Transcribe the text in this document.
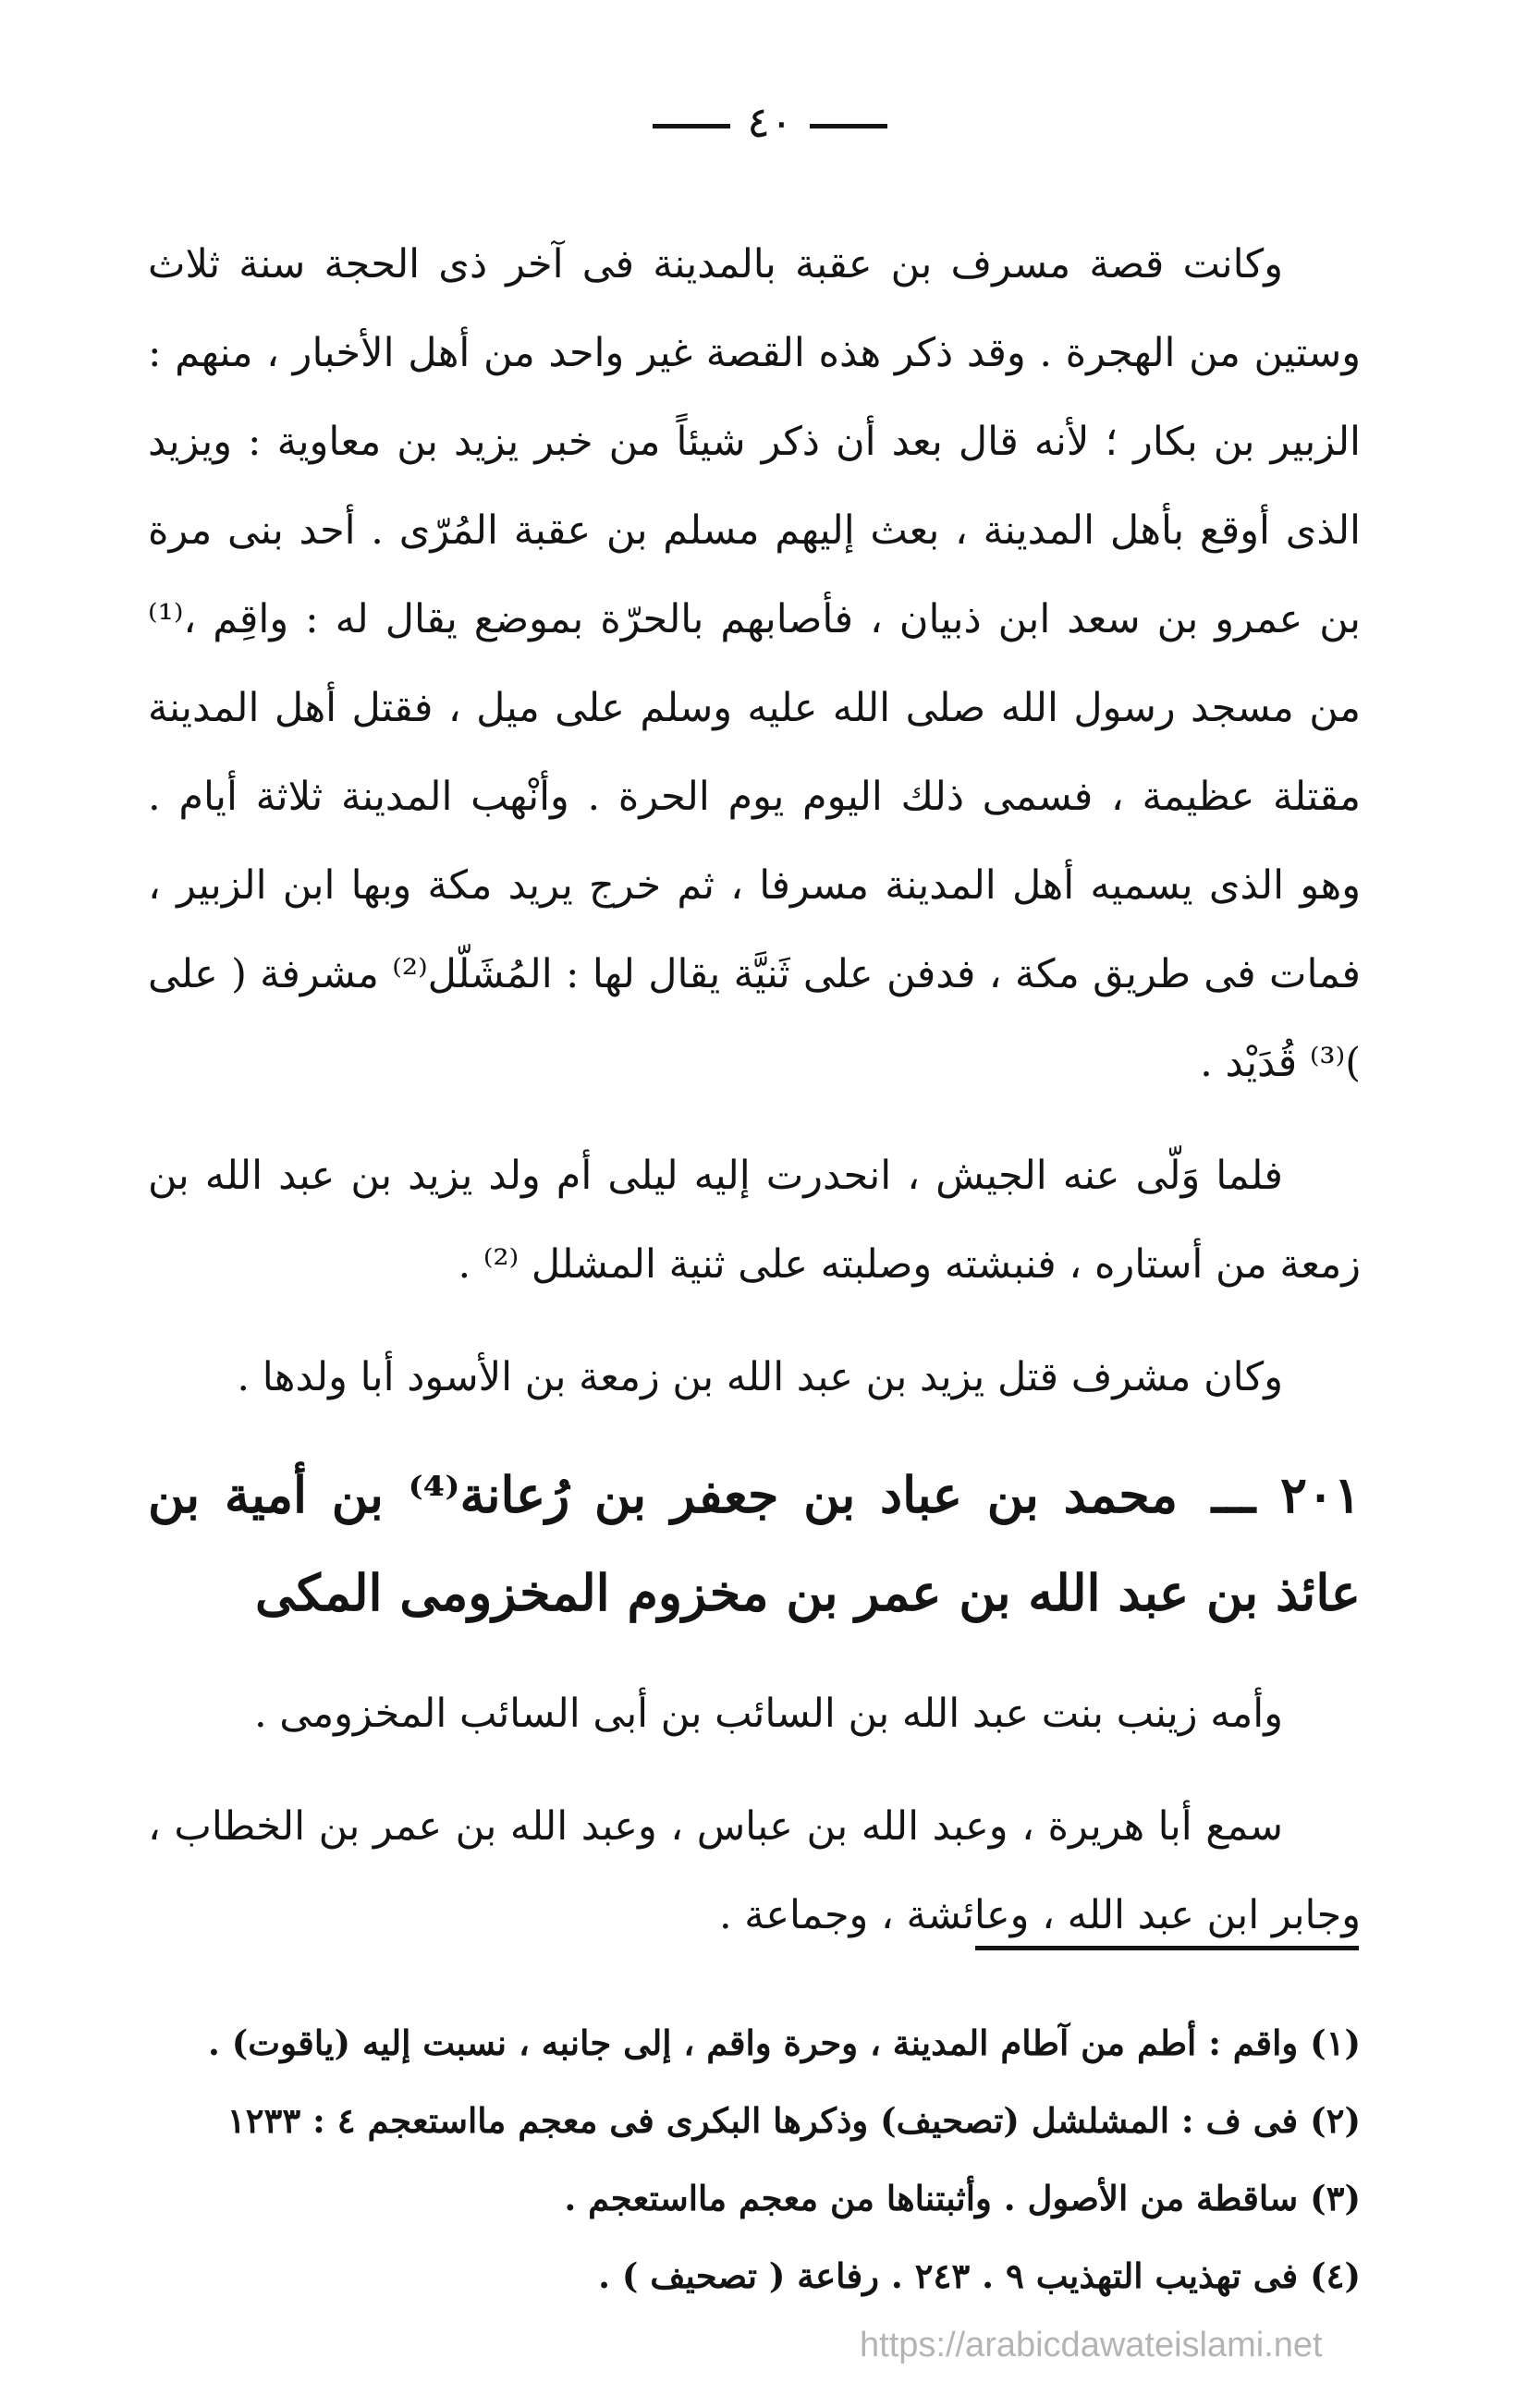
٤٠

وكانت قصة مسرف بن عقبة بالمدينة فى آخر ذى الحجة سنة ثلاث وستين من الهجرة . وقد ذكر هذه القصة غير واحد من أهل الأخبار ، منهم : الزبير بن بكار ؛ لأنه قال بعد أن ذكر شيئاً من خبر يزيد بن معاوية : ويزيد الذى أوقع بأهل المدينة ، بعث إليهم مسلم بن عقبة المُرّى . أحد بنى مرة بن عمرو بن سعد ابن ذبيان ، فأصابهم بالحرّة بموضع يقال له : واقِم ،⁽¹⁾ من مسجد رسول الله صلى الله عليه وسلم على ميل ، فقتل أهل المدينة مقتلة عظيمة ، فسمى ذلك اليوم يوم الحرة . وأنْهب المدينة ثلاثة أيام . وهو الذى يسميه أهل المدينة مسرفا ، ثم خرج يريد مكة وبها ابن الزبير ، فمات فى طريق مكة ، فدفن على ثَنيَّة يقال لها : المُشَلّل⁽²⁾ مشرفة ( على )⁽³⁾ قُدَيْد .

فلما وَلّى عنه الجيش ، انحدرت إليه ليلى أم ولد يزيد بن عبد الله بن زمعة من أستاره ، فنبشته وصلبته على ثنية المشلل ⁽²⁾ .

وكان مشرف قتل يزيد بن عبد الله بن زمعة بن الأسود أبا ولدها .

٢٠١ ـــ محمد بن عباد بن جعفر بن رُعانة⁽⁴⁾ بن أمية بن عائذ بن عبد الله بن عمر بن مخزوم المخزومى المكى

وأمه زينب بنت عبد الله بن السائب بن أبى السائب المخزومى .

سمع أبا هريرة ، وعبد الله بن عباس ، وعبد الله بن عمر بن الخطاب ، وجابر ابن عبد الله ، وعائشة ، وجماعة .

(١) واقم : أطم من آطام المدينة ، وحرة واقم ، إلى جانبه ، نسبت إليه (ياقوت) .

(٢) فى ف : المشلشل (تصحيف) وذكرها البكرى فى معجم مااستعجم ٤ : ١٢٣٣

(٣) ساقطة من الأصول . وأثبتناها من معجم مااستعجم .

(٤) فى تهذيب التهذيب ٩ . ٢٤٣ . رفاعة ( تصحيف ) .

https://arabicdawateislami.net
